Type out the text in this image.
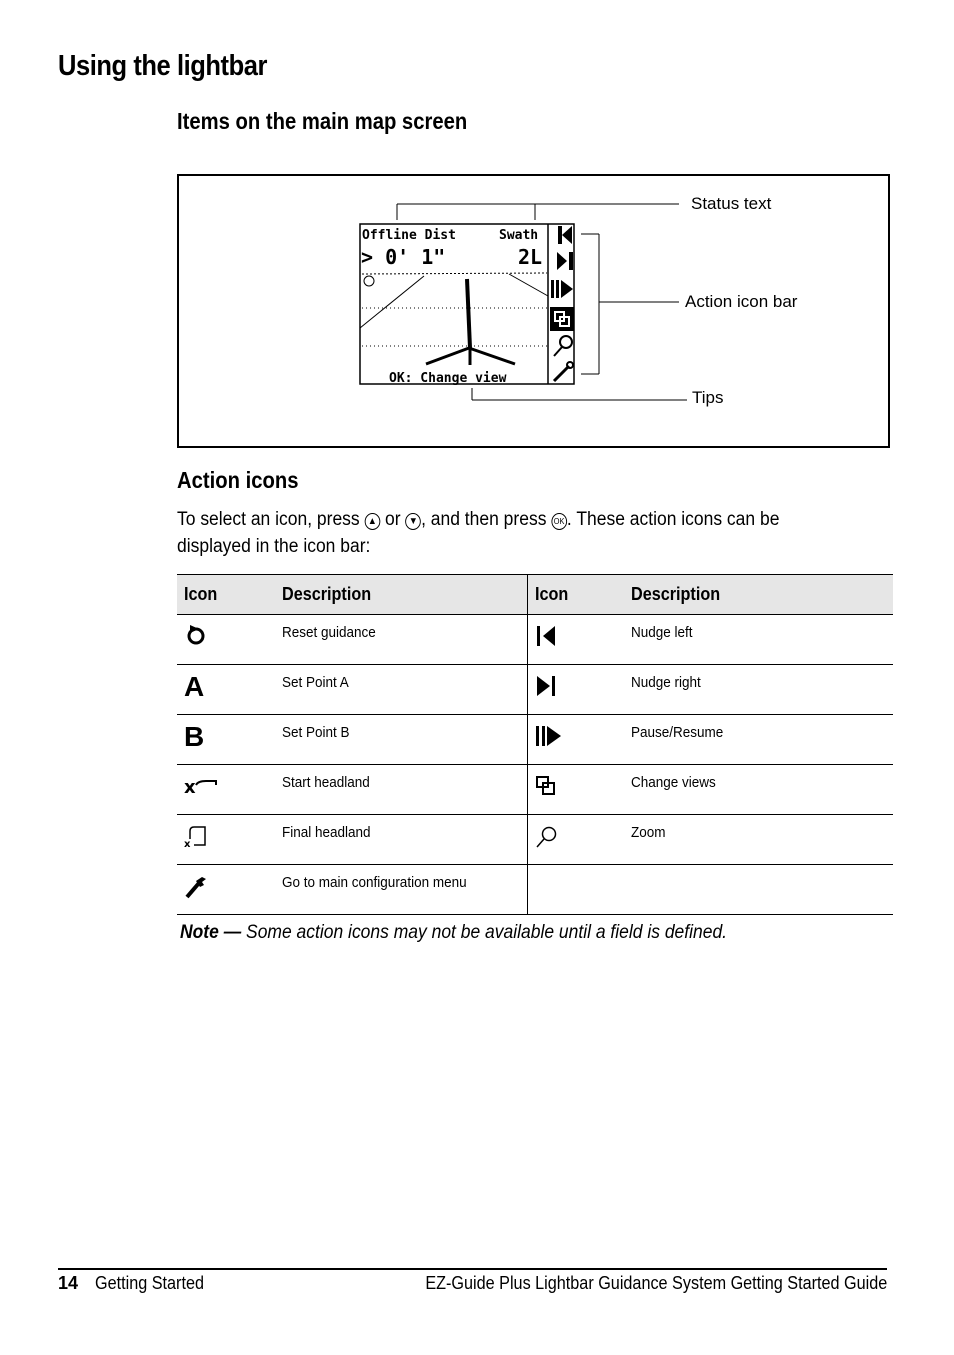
Using the lightbar
Items on the main map screen
Offline Dist	Swath
> 0' 1"	2L
OK: Change view
Status text
Action icon bar
Tips
Action icons
To select an icon, press ▲ or ▼ , and then press OK . These action icons can be displayed in the icon bar:
Icon	Description	Icon	Description

	Reset guidance		Nudge left

A	Set Point A		Nudge right

B	Set Point B		Pause/Resume

x	Start headland		Change views

x	Final headland		Zoom

	Go to main configuration menu		
Note — Some action icons may not be available until a field is defined.
14 Getting Started	EZ-Guide Plus Lightbar Guidance System Getting Started Guide
